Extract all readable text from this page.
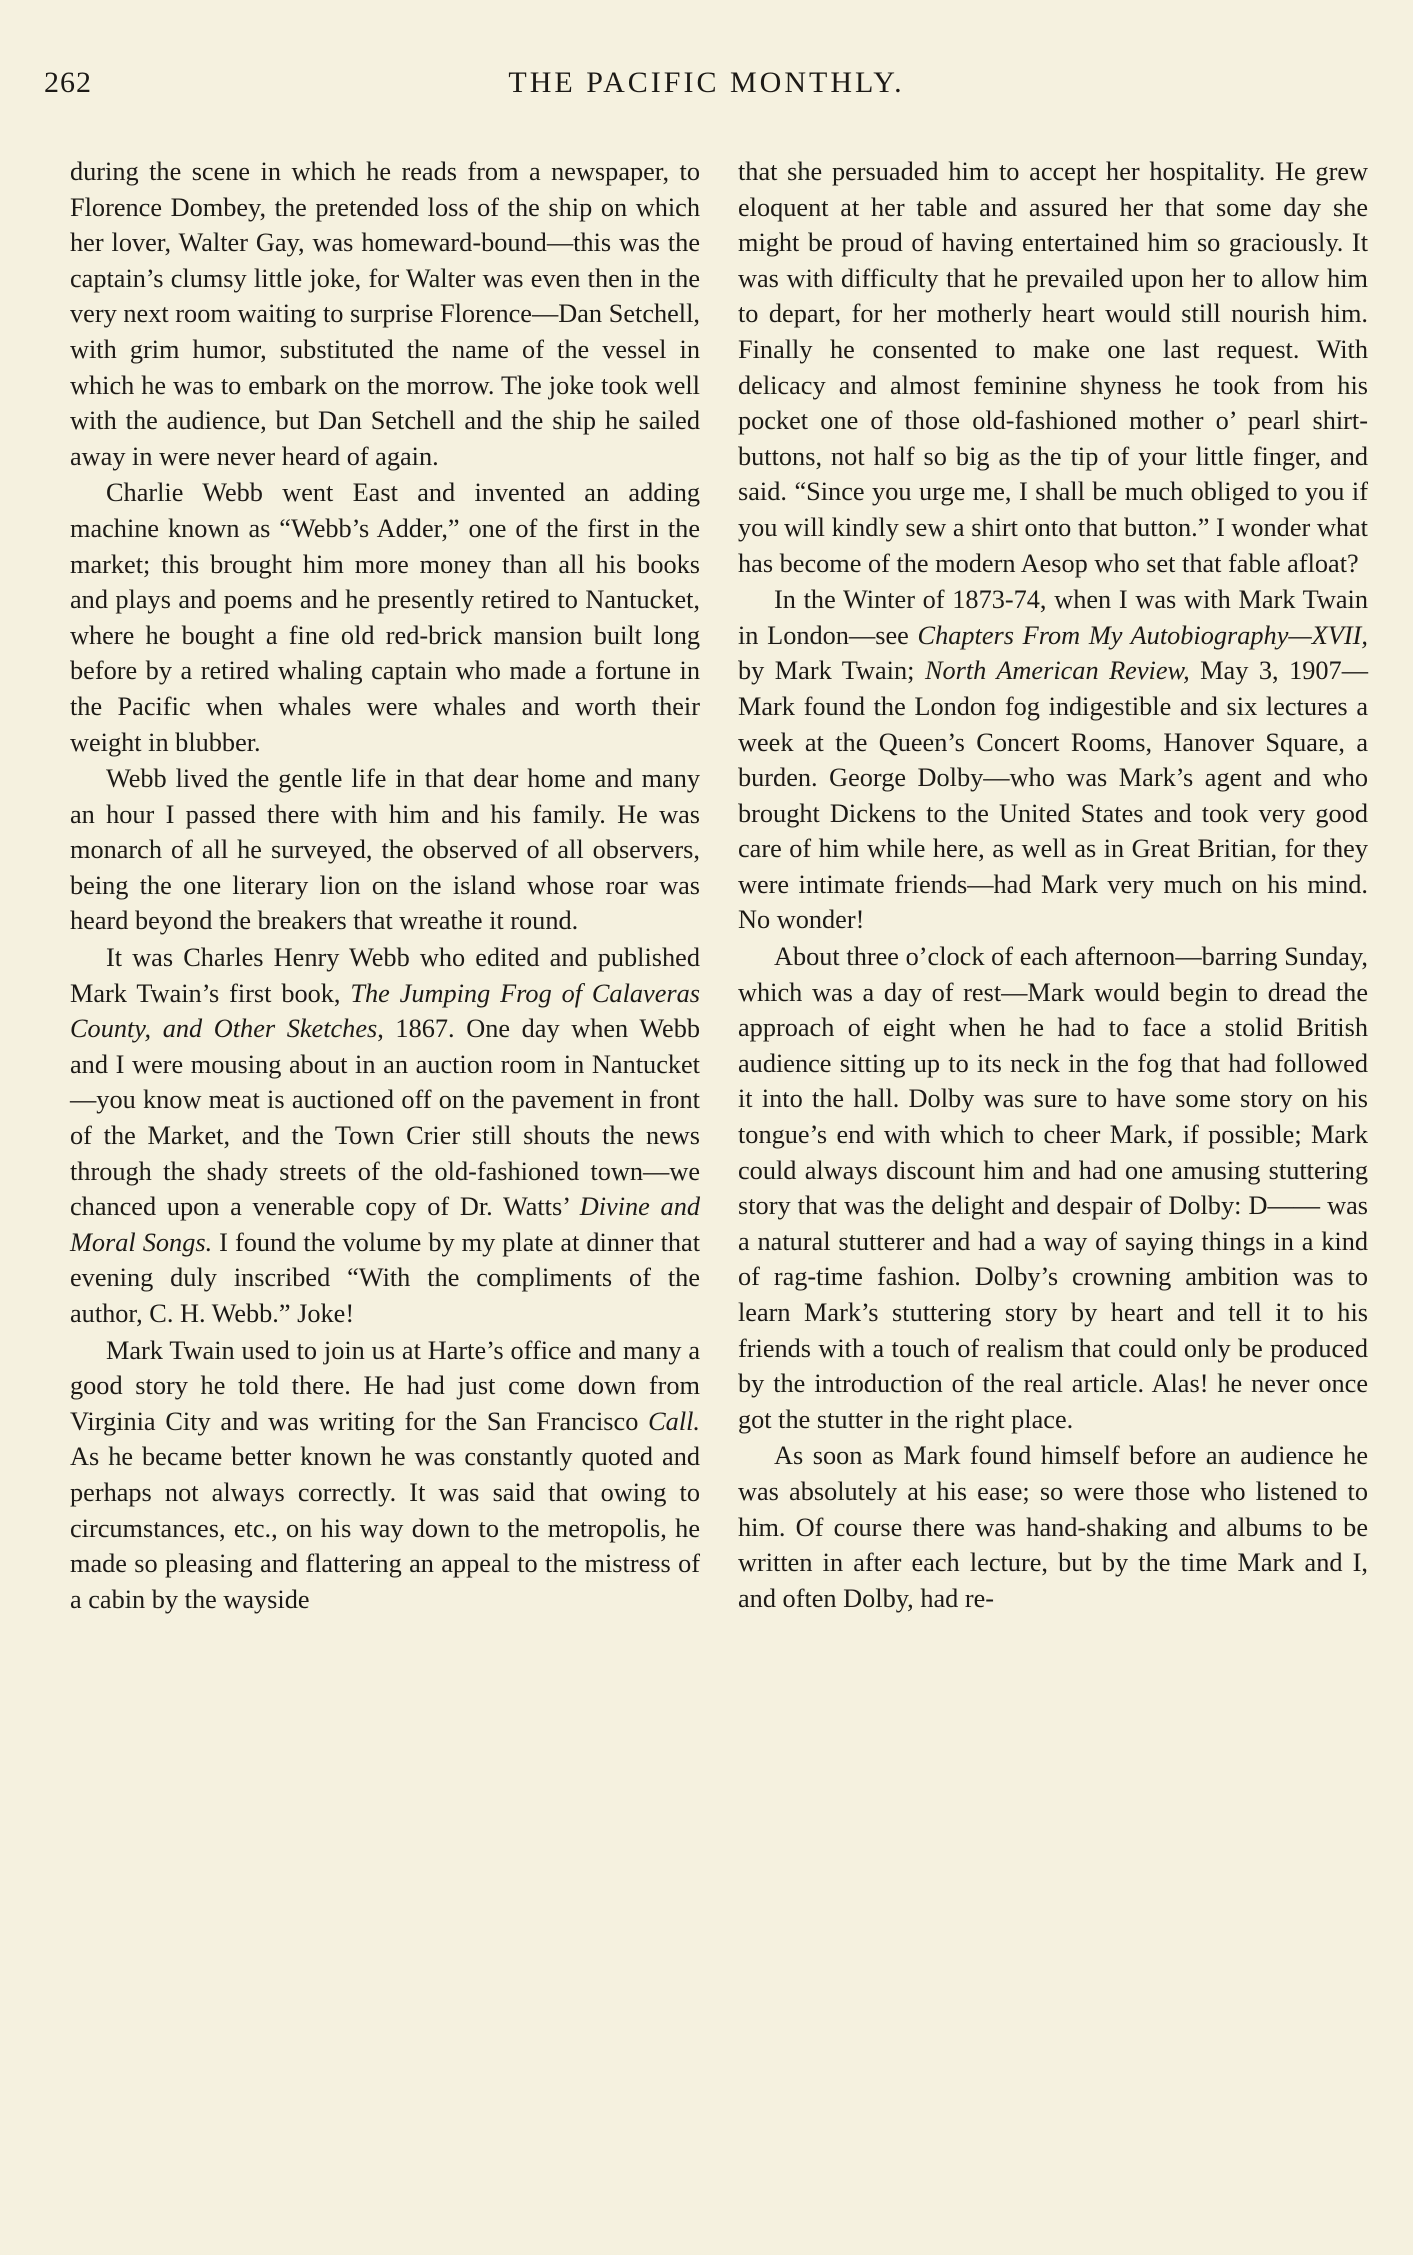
262	THE PACIFIC MONTHLY.

during the scene in which he reads from a newspaper, to Florence Dombey, the pretended loss of the ship on which her lover, Walter Gay, was homeward-bound—this was the captain’s clumsy little joke, for Walter was even then in the very next room waiting to surprise Florence—Dan Setchell, with grim humor, substituted the name of the vessel in which he was to embark on the morrow. The joke took well with the audience, but Dan Setchell and the ship he sailed away in were never heard of again.

Charlie Webb went East and invented an adding machine known as “Webb’s Adder,” one of the first in the market; this brought him more money than all his books and plays and poems and he presently retired to Nantucket, where he bought a fine old red-brick mansion built long before by a retired whaling captain who made a fortune in the Pacific when whales were whales and worth their weight in blubber.

Webb lived the gentle life in that dear home and many an hour I passed there with him and his family. He was monarch of all he surveyed, the observed of all observers, being the one literary lion on the island whose roar was heard beyond the breakers that wreathe it round.

It was Charles Henry Webb who edited and published Mark Twain’s first book, The Jumping Frog of Calaveras County, and Other Sketches, 1867. One day when Webb and I were mousing about in an auction room in Nantucket—you know meat is auctioned off on the pavement in front of the Market, and the Town Crier still shouts the news through the shady streets of the old-fashioned town—we chanced upon a venerable copy of Dr. Watts’ Divine and Moral Songs. I found the volume by my plate at dinner that evening duly inscribed “With the compliments of the author, C. H. Webb.” Joke!

Mark Twain used to join us at Harte’s office and many a good story he told there. He had just come down from Virginia City and was writing for the San Francisco Call. As he became better known he was constantly quoted and perhaps not always correctly. It was said that owing to circumstances, etc., on his way down to the metropolis, he made so pleasing and flattering an appeal to the mistress of a cabin by the wayside

that she persuaded him to accept her hospitality. He grew eloquent at her table and assured her that some day she might be proud of having entertained him so graciously. It was with difficulty that he prevailed upon her to allow him to depart, for her motherly heart would still nourish him. Finally he consented to make one last request. With delicacy and almost feminine shyness he took from his pocket one of those old-fashioned mother o’ pearl shirt-buttons, not half so big as the tip of your little finger, and said. “Since you urge me, I shall be much obliged to you if you will kindly sew a shirt onto that button.” I wonder what has become of the modern Aesop who set that fable afloat?

In the Winter of 1873-74, when I was with Mark Twain in London—see Chapters From My Autobiography—XVII, by Mark Twain; North American Review, May 3, 1907—Mark found the London fog indigestible and six lectures a week at the Queen’s Concert Rooms, Hanover Square, a burden. George Dolby—who was Mark’s agent and who brought Dickens to the United States and took very good care of him while here, as well as in Great Britian, for they were intimate friends—had Mark very much on his mind. No wonder!

About three o’clock of each afternoon—barring Sunday, which was a day of rest—Mark would begin to dread the approach of eight when he had to face a stolid British audience sitting up to its neck in the fog that had followed it into the hall. Dolby was sure to have some story on his tongue’s end with which to cheer Mark, if possible; Mark could always discount him and had one amusing stuttering story that was the delight and despair of Dolby: D—— was a natural stutterer and had a way of saying things in a kind of rag-time fashion. Dolby’s crowning ambition was to learn Mark’s stuttering story by heart and tell it to his friends with a touch of realism that could only be produced by the introduction of the real article. Alas! he never once got the stutter in the right place.

As soon as Mark found himself before an audience he was absolutely at his ease; so were those who listened to him. Of course there was hand-shaking and albums to be written in after each lecture, but by the time Mark and I, and often Dolby, had re-
